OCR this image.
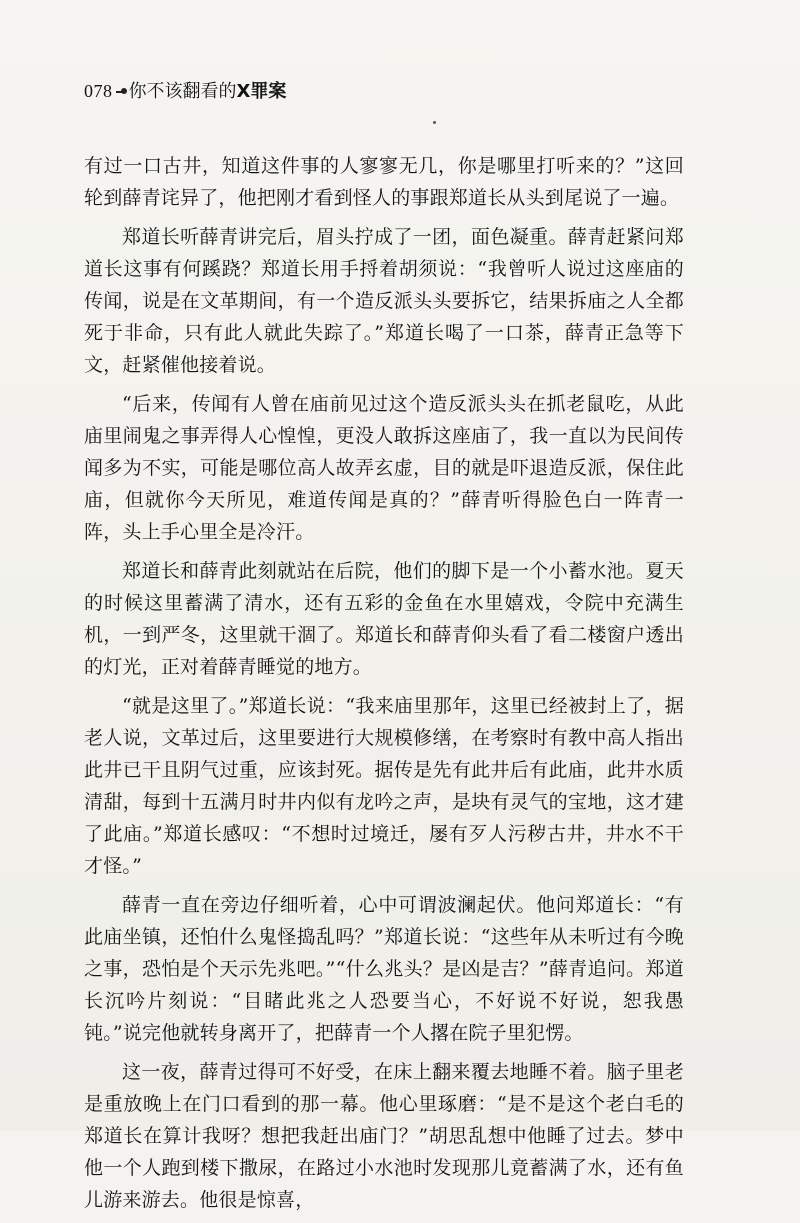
078 你不该翻看的X罪案

有过一口古井，知道这件事的人寥寥无几，你是哪里打听来的？”这回轮到薛青诧异了，他把刚才看到怪人的事跟郑道长从头到尾说了一遍。

郑道长听薛青讲完后，眉头拧成了一团，面色凝重。薛青赶紧问郑道长这事有何蹊跷？郑道长用手捋着胡须说：“我曾听人说过这座庙的传闻，说是在文革期间，有一个造反派头头要拆它，结果拆庙之人全都死于非命，只有此人就此失踪了。”郑道长喝了一口茶，薛青正急等下文，赶紧催他接着说。

“后来，传闻有人曾在庙前见过这个造反派头头在抓老鼠吃，从此庙里闹鬼之事弄得人心惶惶，更没人敢拆这座庙了，我一直以为民间传闻多为不实，可能是哪位高人故弄玄虚，目的就是吓退造反派，保住此庙，但就你今天所见，难道传闻是真的？”薛青听得脸色白一阵青一阵，头上手心里全是冷汗。

郑道长和薛青此刻就站在后院，他们的脚下是一个小蓄水池。夏天的时候这里蓄满了清水，还有五彩的金鱼在水里嬉戏，令院中充满生机，一到严冬，这里就干涸了。郑道长和薛青仰头看了看二楼窗户透出的灯光，正对着薛青睡觉的地方。

“就是这里了。”郑道长说：“我来庙里那年，这里已经被封上了，据老人说，文革过后，这里要进行大规模修缮，在考察时有教中高人指出此井已干且阴气过重，应该封死。据传是先有此井后有此庙，此井水质清甜，每到十五满月时井内似有龙吟之声，是块有灵气的宝地，这才建了此庙。”郑道长感叹：“不想时过境迁，屡有歹人污秽古井，井水不干才怪。”

薛青一直在旁边仔细听着，心中可谓波澜起伏。他问郑道长：“有此庙坐镇，还怕什么鬼怪捣乱吗？”郑道长说：“这些年从未听过有今晚之事，恐怕是个天示先兆吧。”“什么兆头？是凶是吉？”薛青追问。郑道长沉吟片刻说：“目睹此兆之人恐要当心，不好说不好说，恕我愚钝。”说完他就转身离开了，把薛青一个人撂在院子里犯愣。

这一夜，薛青过得可不好受，在床上翻来覆去地睡不着。脑子里老是重放晚上在门口看到的那一幕。他心里琢磨：“是不是这个老白毛的郑道长在算计我呀？想把我赶出庙门？”胡思乱想中他睡了过去。梦中他一个人跑到楼下撒尿，在路过小水池时发现那儿竟蓄满了水，还有鱼儿游来游去。他很是惊喜，
